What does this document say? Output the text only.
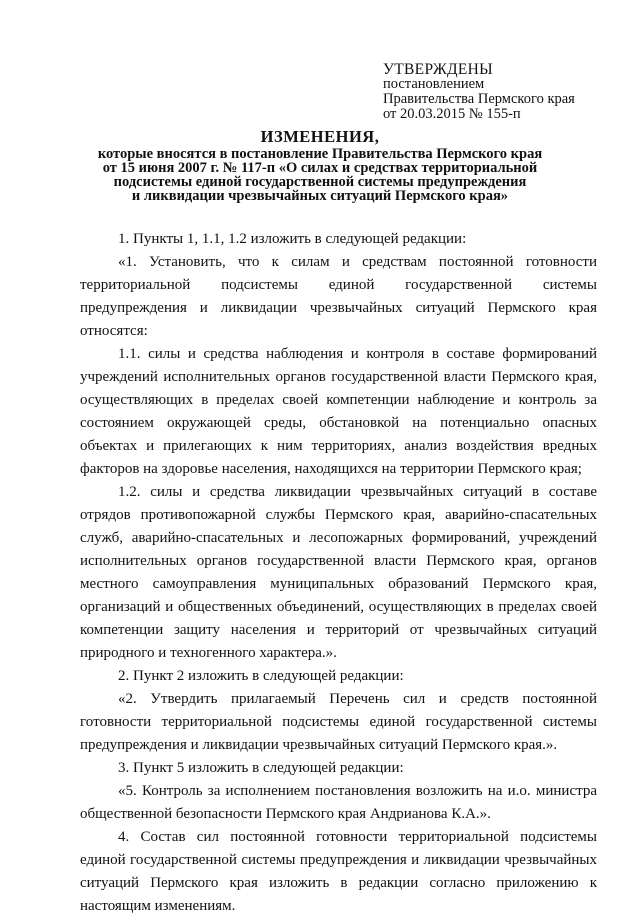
УТВЕРЖДЕНЫ
постановлением
Правительства Пермского края
от 20.03.2015 № 155-п
ИЗМЕНЕНИЯ,
которые вносятся в постановление Правительства Пермского края
от 15 июня 2007 г. № 117-п «О силах и средствах территориальной
подсистемы единой государственной системы предупреждения
и ликвидации чрезвычайных ситуаций Пермского края»

1. Пункты 1, 1.1, 1.2 изложить в следующей редакции:

«1. Установить, что к силам и средствам постоянной готовности территориальной подсистемы единой государственной системы предупреждения и ликвидации чрезвычайных ситуаций Пермского края относятся:

1.1. силы и средства наблюдения и контроля в составе формирований учреждений исполнительных органов государственной власти Пермского края, осуществляющих в пределах своей компетенции наблюдение и контроль за состоянием окружающей среды, обстановкой на потенциально опасных объектах и прилегающих к ним территориях, анализ воздействия вредных факторов на здоровье населения, находящихся на территории Пермского края;

1.2. силы и средства ликвидации чрезвычайных ситуаций в составе отрядов противопожарной службы Пермского края, аварийно-спасательных служб, аварийно-спасательных и лесопожарных формирований, учреждений исполнительных органов государственной власти Пермского края, органов местного самоуправления муниципальных образований Пермского края, организаций и общественных объединений, осуществляющих в пределах своей компетенции защиту населения и территорий от чрезвычайных ситуаций природного и техногенного характера.».

2. Пункт 2 изложить в следующей редакции:

«2. Утвердить прилагаемый Перечень сил и средств постоянной готовности территориальной подсистемы единой государственной системы предупреждения и ликвидации чрезвычайных ситуаций Пермского края.».

3. Пункт 5 изложить в следующей редакции:

«5. Контроль за исполнением постановления возложить на и.о. министра общественной безопасности Пермского края Андрианова К.А.».

4. Состав сил постоянной готовности территориальной подсистемы единой государственной системы предупреждения и ликвидации чрезвычайных ситуаций Пермского края изложить в редакции согласно приложению к настоящим изменениям.
